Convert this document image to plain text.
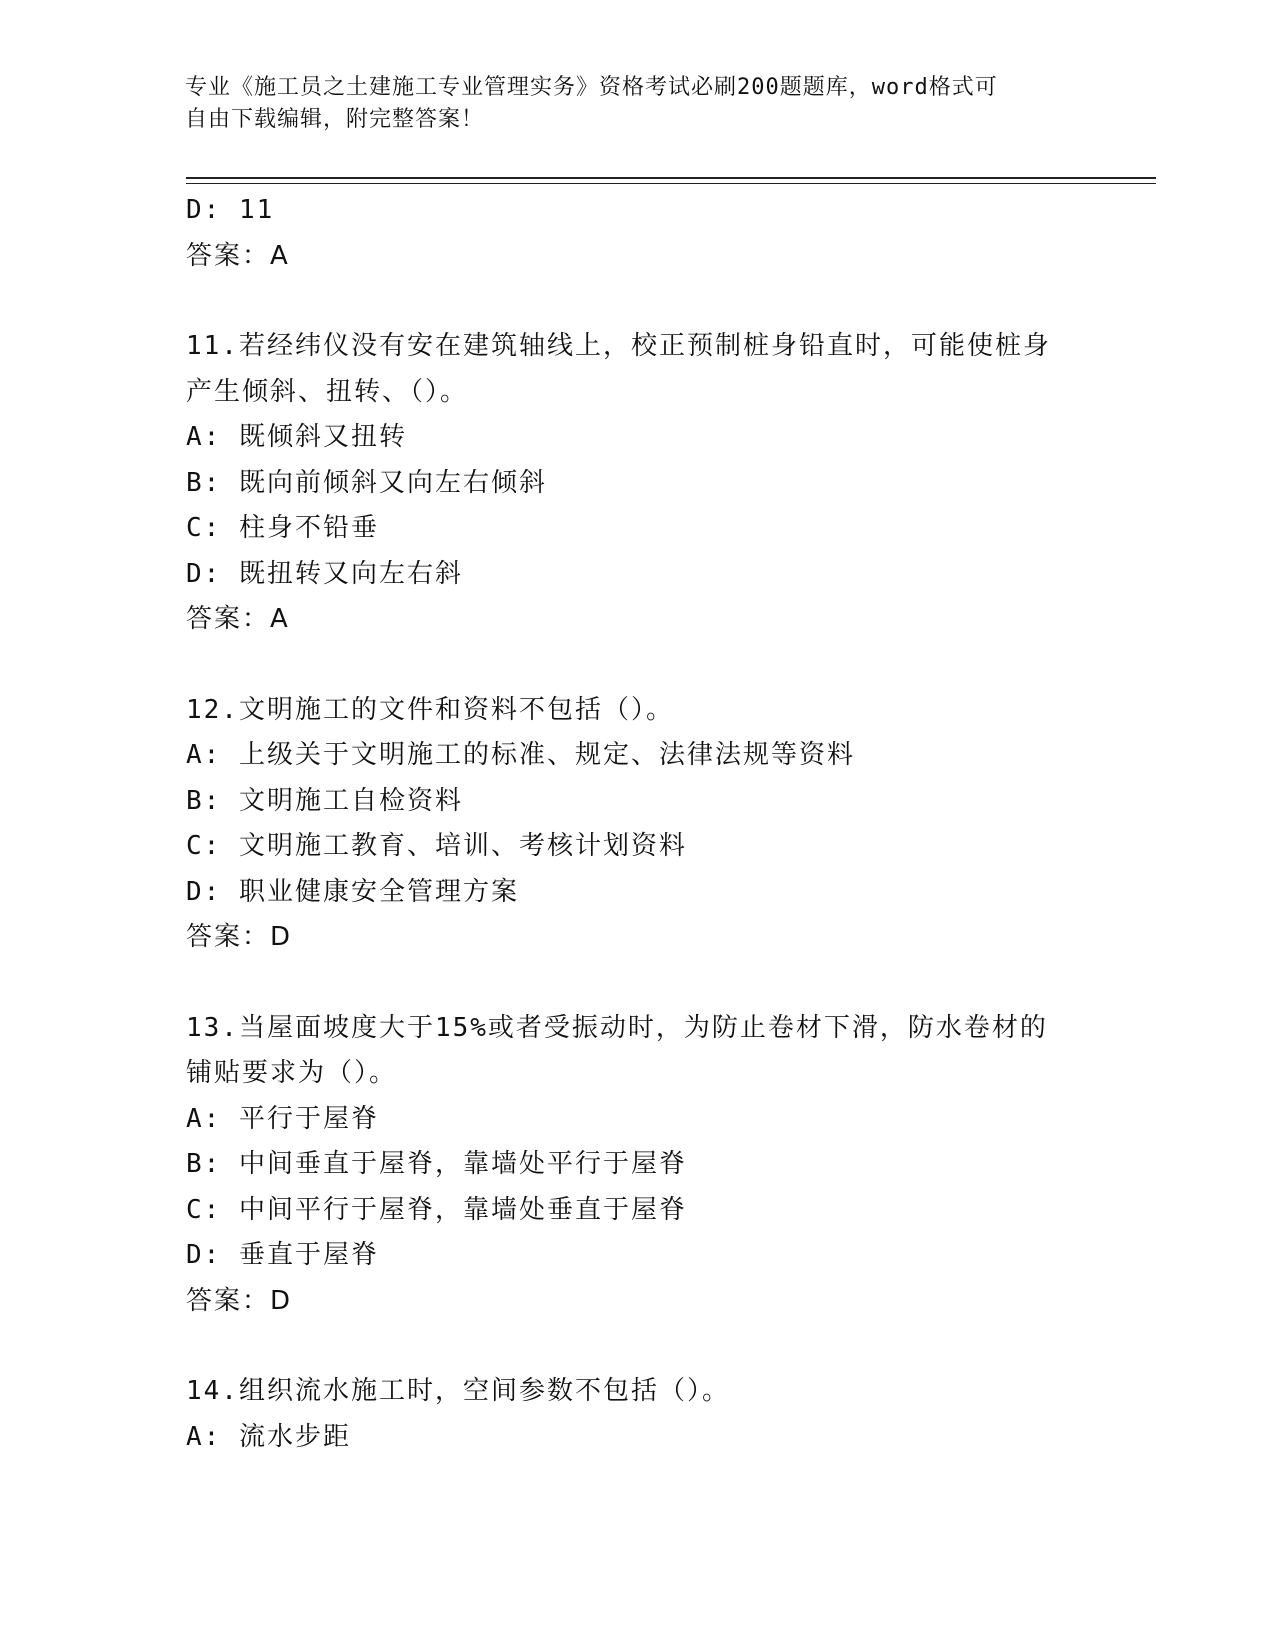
专业《施工员之土建施工专业管理实务》资格考试必刷200题题库，word格式可

自由下载编辑，附完整答案！

D: 11

答案：A

11.若经纬仪没有安在建筑轴线上，校正预制桩身铅直时，可能使桩身

产生倾斜、扭转、（）。

A: 既倾斜又扭转

B: 既向前倾斜又向左右倾斜

C: 柱身不铅垂

D: 既扭转又向左右斜

答案：A

12.文明施工的文件和资料不包括（）。

A: 上级关于文明施工的标准、规定、法律法规等资料

B: 文明施工自检资料

C: 文明施工教育、培训、考核计划资料

D: 职业健康安全管理方案

答案：D

13.当屋面坡度大于15%或者受振动时，为防止卷材下滑，防水卷材的

铺贴要求为（）。

A: 平行于屋脊

B: 中间垂直于屋脊，靠墙处平行于屋脊

C: 中间平行于屋脊，靠墙处垂直于屋脊

D: 垂直于屋脊

答案：D

14.组织流水施工时，空间参数不包括（）。

A: 流水步距
